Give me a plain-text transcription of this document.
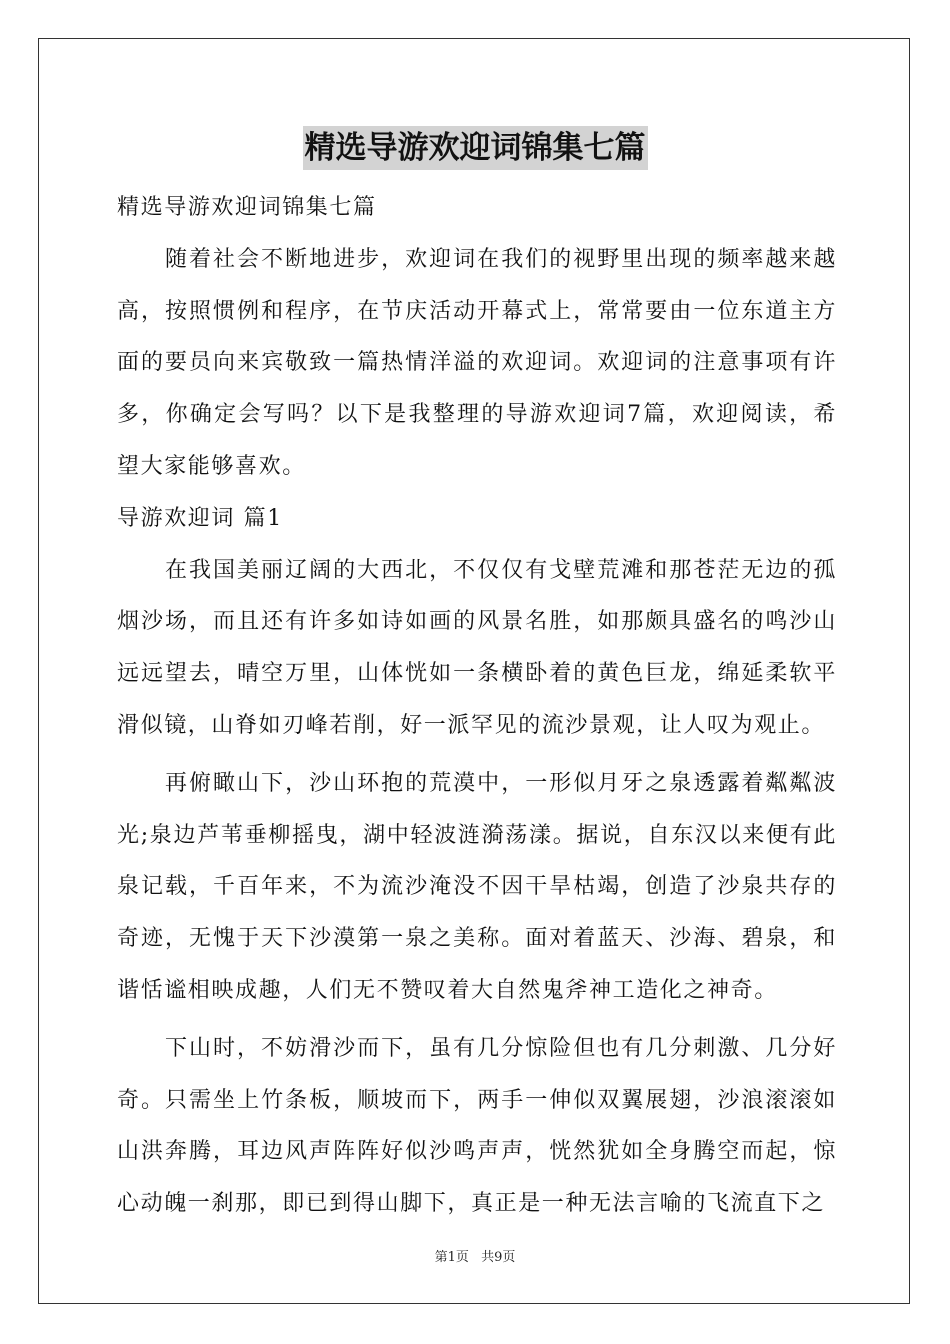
精选导游欢迎词锦集七篇

精选导游欢迎词锦集七篇

随着社会不断地进步，欢迎词在我们的视野里出现的频率越来越高，按照惯例和程序，在节庆活动开幕式上，常常要由一位东道主方面的要员向来宾敬致一篇热情洋溢的欢迎词。欢迎词的注意事项有许多，你确定会写吗？以下是我整理的导游欢迎词7篇，欢迎阅读，希望大家能够喜欢。

导游欢迎词 篇1

在我国美丽辽阔的大西北，不仅仅有戈壁荒滩和那苍茫无边的孤烟沙场，而且还有许多如诗如画的风景名胜，如那颇具盛名的鸣沙山远远望去，晴空万里，山体恍如一条横卧着的黄色巨龙，绵延柔软平滑似镜，山脊如刃峰若削，好一派罕见的流沙景观，让人叹为观止。

再俯瞰山下，沙山环抱的荒漠中，一形似月牙之泉透露着粼粼波光;泉边芦苇垂柳摇曳，湖中轻波涟漪荡漾。据说，自东汉以来便有此泉记载，千百年来，不为流沙淹没不因干旱枯竭，创造了沙泉共存的奇迹，无愧于天下沙漠第一泉之美称。面对着蓝天、沙海、碧泉，和谐恬谧相映成趣，人们无不赞叹着大自然鬼斧神工造化之神奇。

下山时，不妨滑沙而下，虽有几分惊险但也有几分刺激、几分好奇。只需坐上竹条板，顺坡而下，两手一伸似双翼展翅，沙浪滚滚如山洪奔腾，耳边风声阵阵好似沙鸣声声，恍然犹如全身腾空而起，惊心动魄一刹那，即已到得山脚下，真正是一种无法言喻的飞流直下之

第1页 共9页
